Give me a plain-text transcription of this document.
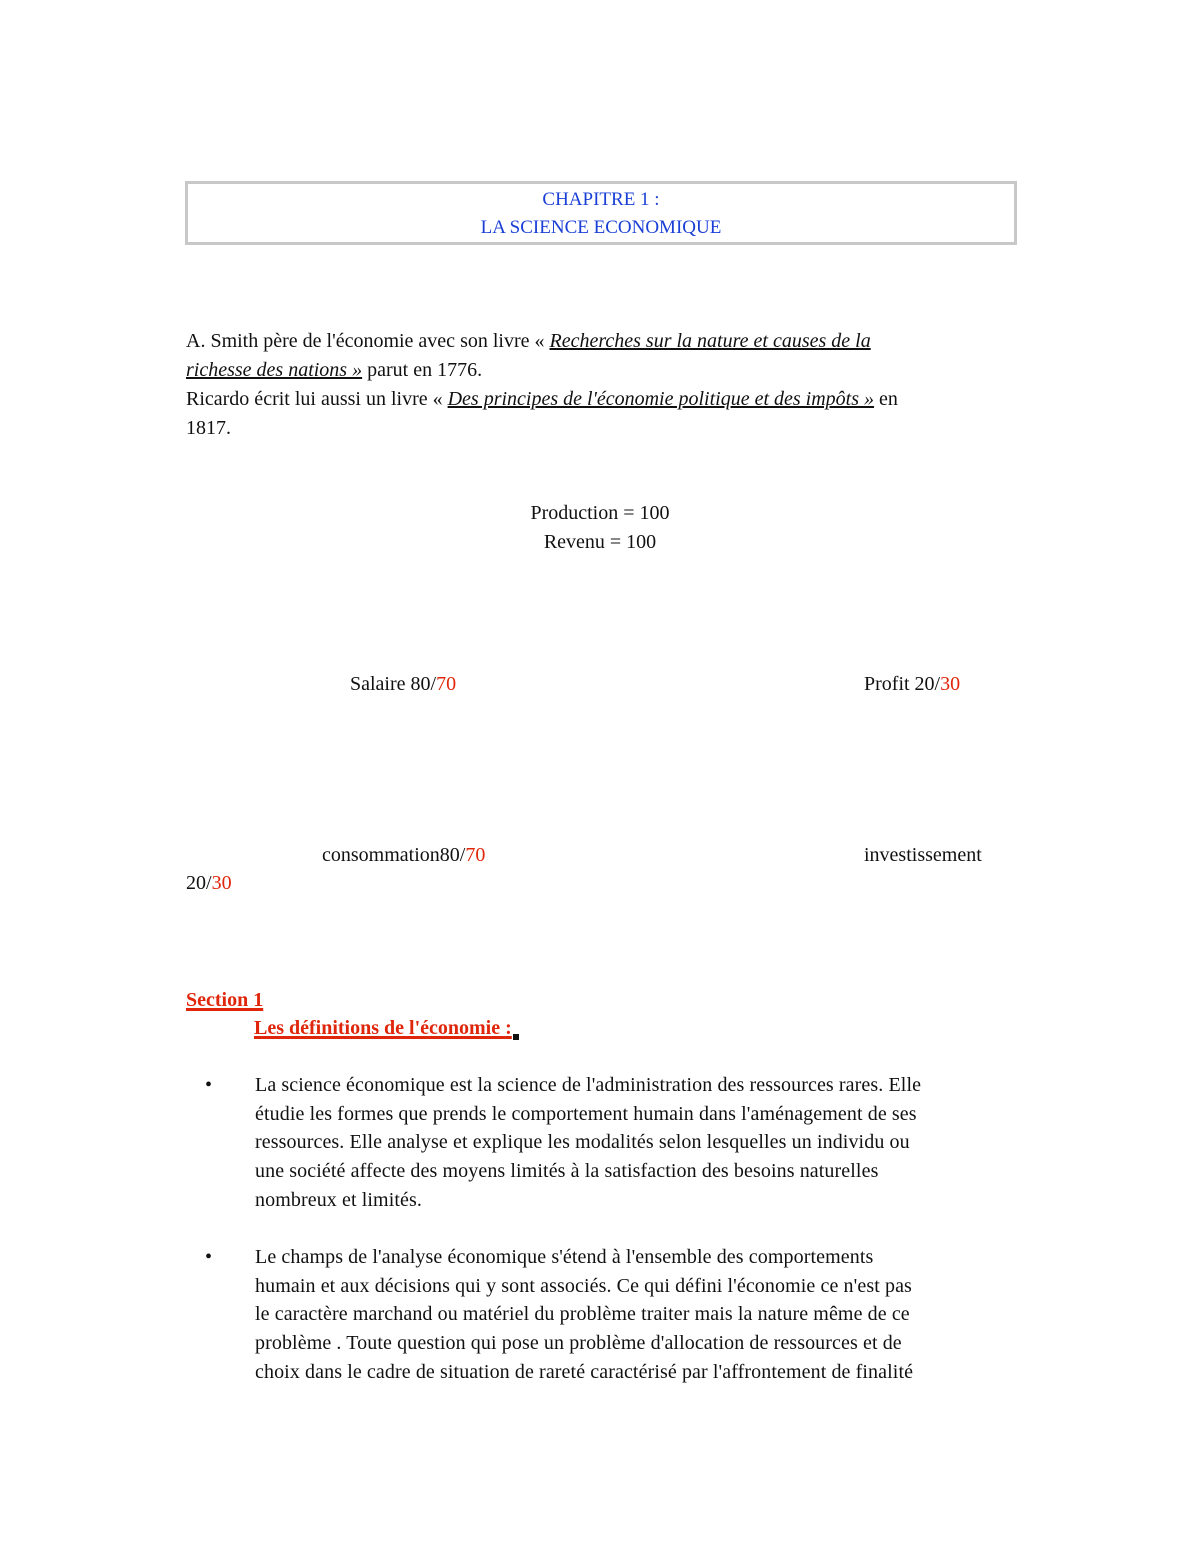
CHAPITRE 1 :
LA SCIENCE ECONOMIQUE
A. Smith père de l'économie avec son livre « Recherches sur la nature et causes de la
richesse des nations » parut en 1776.
Ricardo écrit lui aussi un livre « Des principes de l'économie politique et des impôts » en
1817.
Production = 100
Revenu = 100
Salaire 80/70	Profit 20/30
consommation80/70	investissement
20/30
Section 1
Les définitions de l'économie :
• La science économique est la science de l'administration des ressources rares. Elle
étudie les formes que prends le comportement humain dans l'aménagement de ses
ressources. Elle analyse et explique les modalités selon lesquelles un individu ou
une société affecte des moyens limités à la satisfaction des besoins naturelles
nombreux et limités.
• Le champs de l'analyse économique s'étend à l'ensemble des comportements
humain et aux décisions qui y sont associés. Ce qui défini l'économie ce n'est pas
le caractère marchand ou matériel du problème traiter mais la nature même de ce
problème . Toute question qui pose un problème d'allocation de ressources et de
choix dans le cadre de situation de rareté caractérisé par l'affrontement de finalité
